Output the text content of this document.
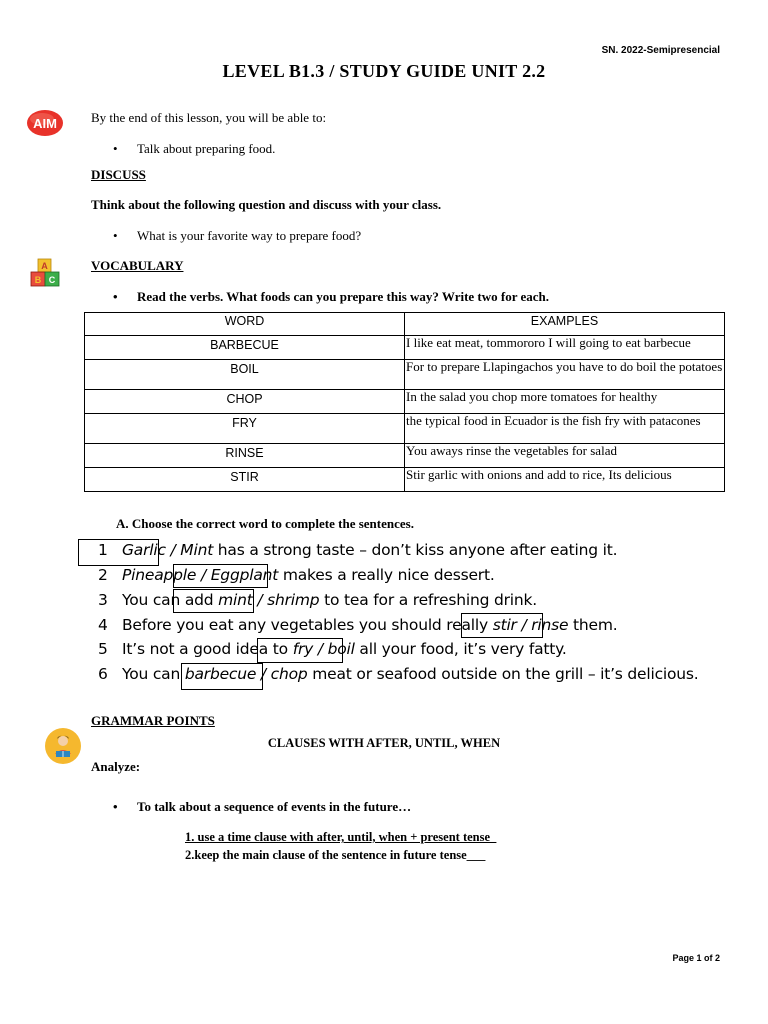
SN. 2022-Semipresencial
LEVEL B1.3 / STUDY GUIDE UNIT 2.2
AIM	By the end of this lesson, you will be able to:
• Talk about preparing food.
DISCUSS
Think about the following question and discuss with your class.
• What is your favorite way to prepare food?
A
B C
VOCABULARY
• Read the verbs. What foods can you prepare this way? Write two for each.
WORD	EXAMPLES
BARBECUE	I like eat meat, tommororo I will going to eat barbecue
BOIL	For to prepare Llapingachos you have to do boil the potatoes
CHOP	In the salad you chop more tomatoes for healthy
FRY	the typical food in Ecuador is the fish fry with patacones
RINSE	You aways rinse the vegetables for salad
STIR	Stir garlic with onions and add to rice, Its delicious
A. Choose the correct word to complete the sentences.
1 Garlic / Mint has a strong taste – don’t kiss anyone after eating it.
2 Pineapple / Eggplant makes a really nice dessert.
3 You can add mint / shrimp to tea for a refreshing drink.
4 Before you eat any vegetables you should really stir / rinse them.
5 It’s not a good idea to fry / boil all your food, it’s very fatty.
6 You can barbecue / chop meat or seafood outside on the grill – it’s delicious.
GRAMMAR POINTS
CLAUSES WITH AFTER, UNTIL, WHEN
Analyze:
• To talk about a sequence of events in the future…
1. use a time clause with after, until, when + present tense_
2.keep the main clause of the sentence in future tense___
Page 1 of 2
